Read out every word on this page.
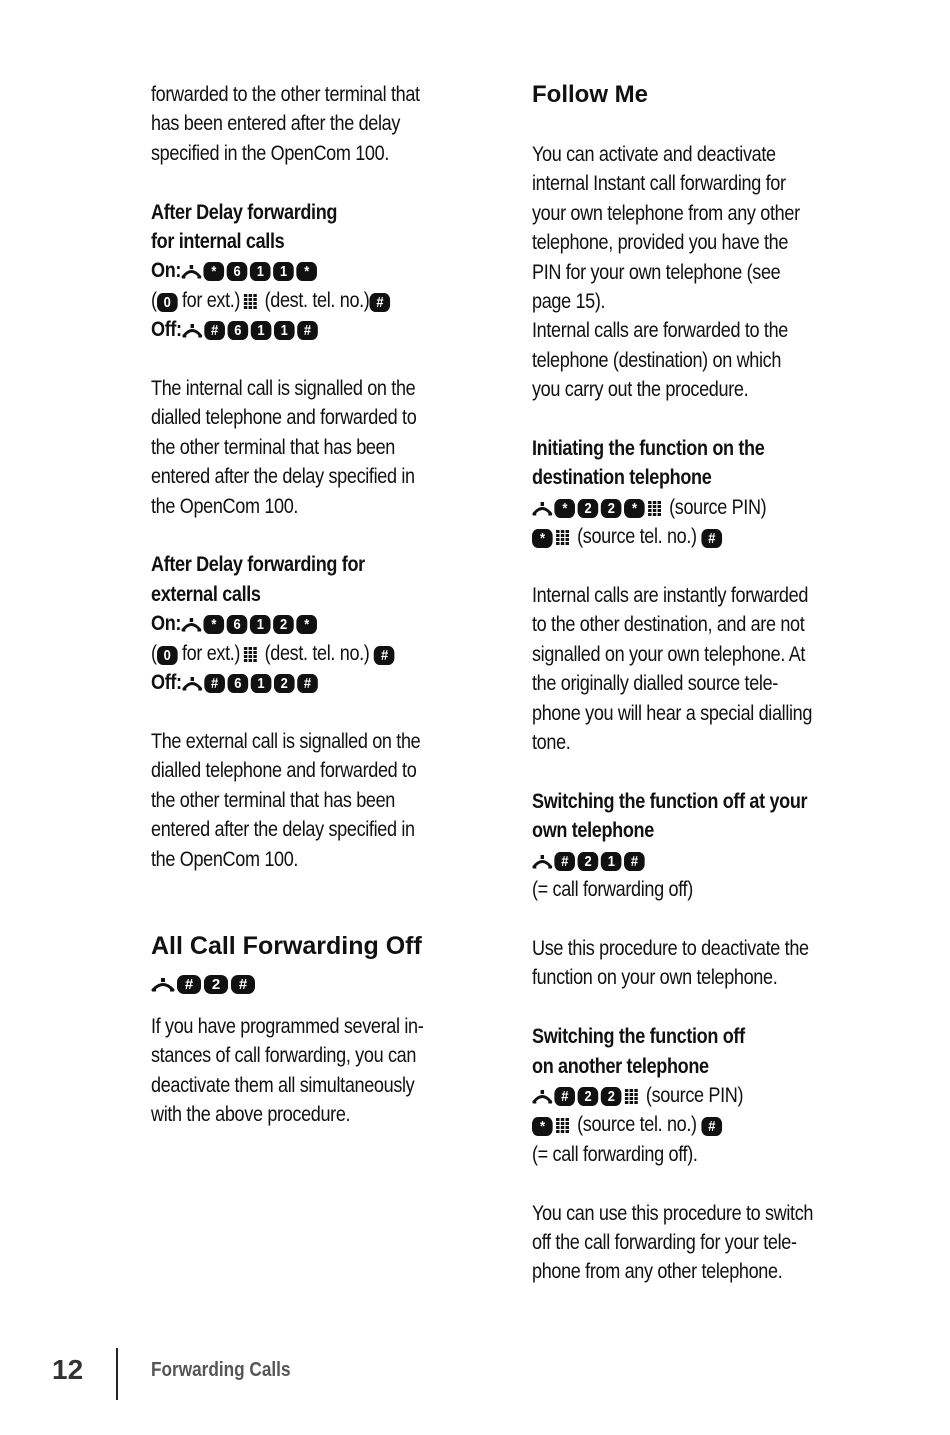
forwarded to the other terminal that
has been entered after the delay
specified in the OpenCom 100.
After Delay forwarding
for internal calls
On:	*	6	1	1	*
( 0 for ext.) (dest. tel. no.) #
Off:	#	6	1	1	#
The internal call is signalled on the
dialled telephone and forwarded to
the other terminal that has been
entered after the delay specified in
the OpenCom 100.
After Delay forwarding for
external calls
On:	*	6	1	2	*
( 0 for ext.) (dest. tel. no.) #
Off:	#	6	1	2	#
The external call is signalled on the
dialled telephone and forwarded to
the other terminal that has been
entered after the delay specified in
the OpenCom 100.
All Call Forwarding Off
#	2	#
If you have programmed several in-
stances of call forwarding, you can
deactivate them all simultaneously
with the above procedure.
Follow Me
You can activate and deactivate
internal Instant call forwarding for
your own telephone from any other
telephone, provided you have the
PIN for your own telephone (see
page 15).
Internal calls are forwarded to the
telephone (destination) on which
you carry out the procedure.
Initiating the function on the
destination telephone
*	2	2	*	(source PIN)
* (source tel. no.) #
Internal calls are instantly forwarded
to the other destination, and are not
signalled on your own telephone. At
the originally dialled source tele-
phone you will hear a special dialling
tone.
Switching the function off at your
own telephone
#	2	1	#
(= call forwarding off)
Use this procedure to deactivate the
function on your own telephone.
Switching the function off
on another telephone
#	2	2	(source PIN)
* (source tel. no.) #
(= call forwarding off).
You can use this procedure to switch
off the call forwarding for your tele-
phone from any other telephone.
12	Forwarding Calls
